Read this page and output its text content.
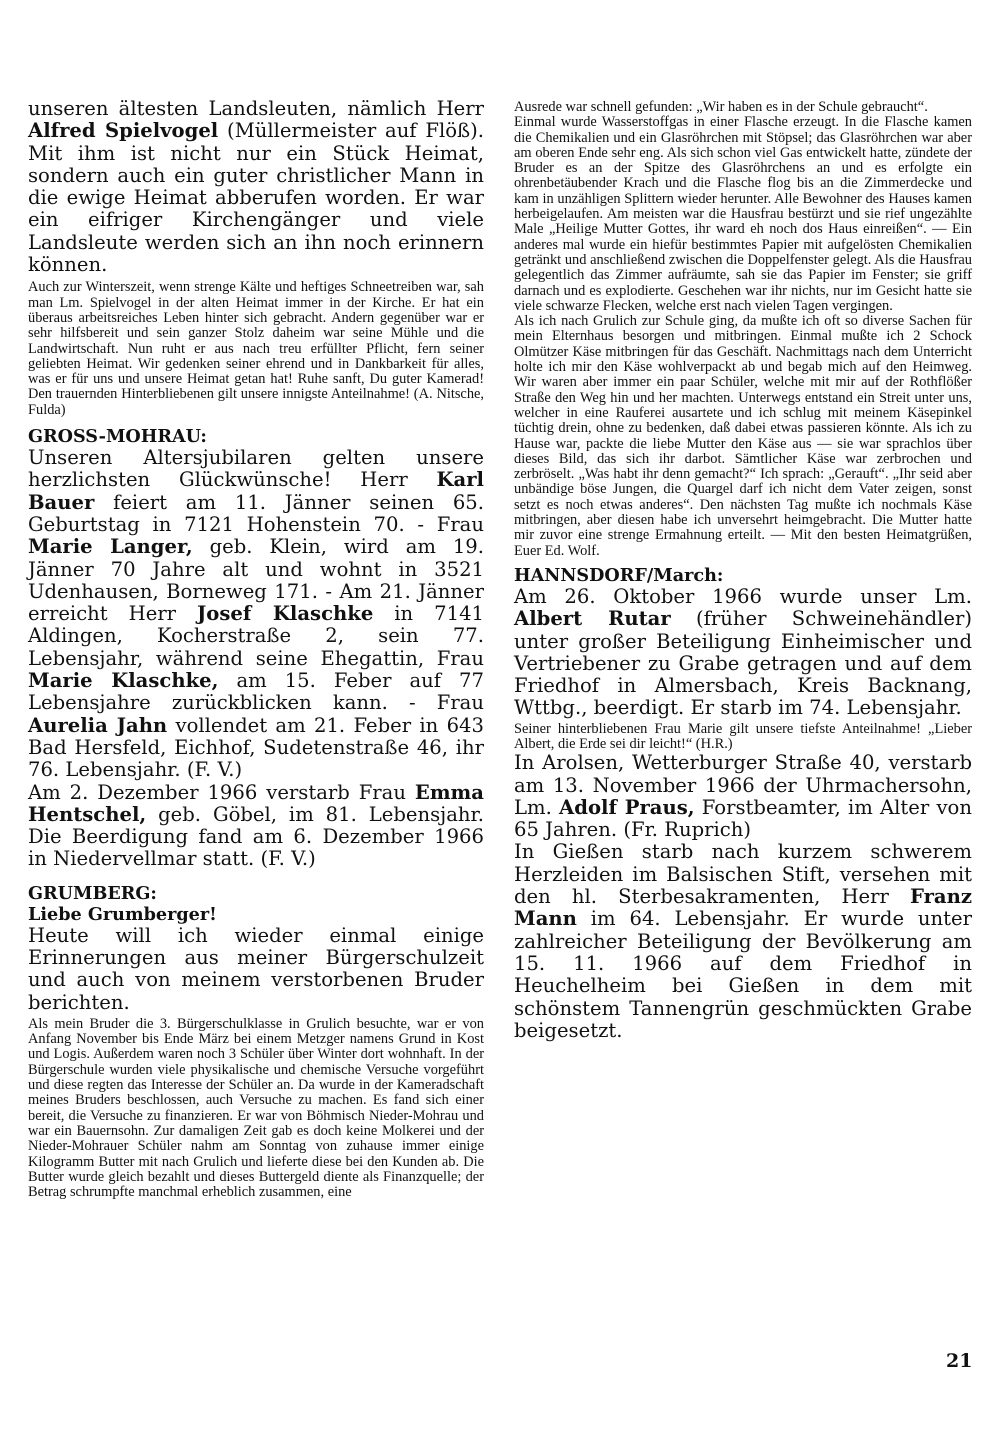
unseren ältesten Landsleuten, nämlich Herr Alfred Spielvogel (Müllermeister auf Flöß). Mit ihm ist nicht nur ein Stück Heimat, sondern auch ein guter christlicher Mann in die ewige Heimat abberufen worden. Er war ein eifriger Kirchengänger und viele Landsleute werden sich an ihn noch erinnern können.

Auch zur Winterszeit, wenn strenge Kälte und heftiges Schneetreiben war, sah man Lm. Spielvogel in der alten Heimat immer in der Kirche. Er hat ein überaus arbeitsreiches Leben hinter sich gebracht. Andern gegenüber war er sehr hilfsbereit und sein ganzer Stolz daheim war seine Mühle und die Landwirtschaft. Nun ruht er aus nach treu erfüllter Pflicht, fern seiner geliebten Heimat. Wir gedenken seiner ehrend und in Dankbarkeit für alles, was er für uns und unsere Heimat getan hat! Ruhe sanft, Du guter Kamerad! Den trauernden Hinterbliebenen gilt unsere innigste Anteilnahme! (A. Nitsche, Fulda)

GROSS-MOHRAU:

Unseren Altersjubilaren gelten unsere herzlichsten Glückwünsche! Herr Karl Bauer feiert am 11. Jänner seinen 65. Geburtstag in 7121 Hohenstein 70. - Frau Marie Langer, geb. Klein, wird am 19. Jänner 70 Jahre alt und wohnt in 3521 Udenhausen, Borneweg 171. - Am 21. Jänner erreicht Herr Josef Klaschke in 7141 Aldingen, Kocherstraße 2, sein 77. Lebensjahr, während seine Ehegattin, Frau Marie Klaschke, am 15. Feber auf 77 Lebensjahre zurückblicken kann. - Frau Aurelia Jahn vollendet am 21. Feber in 643 Bad Hersfeld, Eichhof, Sudetenstraße 46, ihr 76. Lebensjahr. (F. V.)

Am 2. Dezember 1966 verstarb Frau Emma Hentschel, geb. Göbel, im 81. Lebensjahr. Die Beerdigung fand am 6. Dezember 1966 in Niedervellmar statt. (F. V.)

GRUMBERG:
Liebe Grumberger!

Heute will ich wieder einmal einige Erinnerungen aus meiner Bürgerschulzeit und auch von meinem verstorbenen Bruder berichten.

Als mein Bruder die 3. Bürgerschulklasse in Grulich besuchte, war er von Anfang November bis Ende März bei einem Metzger namens Grund in Kost und Logis. Außerdem waren noch 3 Schüler über Winter dort wohnhaft. In der Bürgerschule wurden viele physikalische und chemische Versuche vorgeführt und diese regten das Interesse der Schüler an. Da wurde in der Kameradschaft meines Bruders beschlossen, auch Versuche zu machen. Es fand sich einer bereit, die Versuche zu finanzieren. Er war von Böhmisch Nieder-Mohrau und war ein Bauernsohn. Zur damaligen Zeit gab es doch keine Molkerei und der Nieder-Mohrauer Schüler nahm am Sonntag von zuhause immer einige Kilogramm Butter mit nach Grulich und lieferte diese bei den Kunden ab. Die Butter wurde gleich bezahlt und dieses Buttergeld diente als Finanzquelle; der Betrag schrumpfte manchmal erheblich zusammen, eine

Ausrede war schnell gefunden: „Wir haben es in der Schule gebraucht“.

Einmal wurde Wasserstoffgas in einer Flasche erzeugt. In die Flasche kamen die Chemikalien und ein Glasröhrchen mit Stöpsel; das Glasröhrchen war aber am oberen Ende sehr eng. Als sich schon viel Gas entwickelt hatte, zündete der Bruder es an der Spitze des Glasröhrchens an und es erfolgte ein ohrenbetäubender Krach und die Flasche flog bis an die Zimmerdecke und kam in unzähligen Splittern wieder herunter. Alle Bewohner des Hauses kamen herbeigelaufen. Am meisten war die Hausfrau bestürzt und sie rief ungezählte Male „Heilige Mutter Gottes, ihr ward eh noch dos Haus einreißen“. — Ein anderes mal wurde ein hiefür bestimmtes Papier mit aufgelösten Chemikalien getränkt und anschließend zwischen die Doppelfenster gelegt. Als die Hausfrau gelegentlich das Zimmer aufräumte, sah sie das Papier im Fenster; sie griff darnach und es explodierte. Geschehen war ihr nichts, nur im Gesicht hatte sie viele schwarze Flecken, welche erst nach vielen Tagen vergingen.

Als ich nach Grulich zur Schule ging, da mußte ich oft so diverse Sachen für mein Elternhaus besorgen und mitbringen. Einmal mußte ich 2 Schock Olmützer Käse mitbringen für das Geschäft. Nachmittags nach dem Unterricht holte ich mir den Käse wohlverpackt ab und begab mich auf den Heimweg. Wir waren aber immer ein paar Schüler, welche mit mir auf der Rothflößer Straße den Weg hin und her machten. Unterwegs entstand ein Streit unter uns, welcher in eine Rauferei ausartete und ich schlug mit meinem Käsepinkel tüchtig drein, ohne zu bedenken, daß dabei etwas passieren könnte. Als ich zu Hause war, packte die liebe Mutter den Käse aus — sie war sprachlos über dieses Bild, das sich ihr darbot. Sämtlicher Käse war zerbrochen und zerbröselt. „Was habt ihr denn gemacht?“ Ich sprach: „Gerauft“. „Ihr seid aber unbändige böse Jungen, die Quargel darf ich nicht dem Vater zeigen, sonst setzt es noch etwas anderes“. Den nächsten Tag mußte ich nochmals Käse mitbringen, aber diesen habe ich unversehrt heimgebracht. Die Mutter hatte mir zuvor eine strenge Ermahnung erteilt. — Mit den besten Heimatgrüßen, Euer Ed. Wolf.

HANNSDORF/March:

Am 26. Oktober 1966 wurde unser Lm. Albert Rutar (früher Schweinehändler) unter großer Beteiligung Einheimischer und Vertriebener zu Grabe getragen und auf dem Friedhof in Almersbach, Kreis Backnang, Wttbg., beerdigt. Er starb im 74. Lebensjahr.

Seiner hinterbliebenen Frau Marie gilt unsere tiefste Anteilnahme! „Lieber Albert, die Erde sei dir leicht!“ (H.R.)

In Arolsen, Wetterburger Straße 40, verstarb am 13. November 1966 der Uhrmachersohn, Lm. Adolf Praus, Forstbeamter, im Alter von 65 Jahren. (Fr. Ruprich)

In Gießen starb nach kurzem schwerem Herzleiden im Balsischen Stift, versehen mit den hl. Sterbesakramenten, Herr Franz Mann im 64. Lebensjahr. Er wurde unter zahlreicher Beteiligung der Bevölkerung am 15. 11. 1966 auf dem Friedhof in Heuchelheim bei Gießen in dem mit schönstem Tannengrün geschmückten Grabe beigesetzt.

21
